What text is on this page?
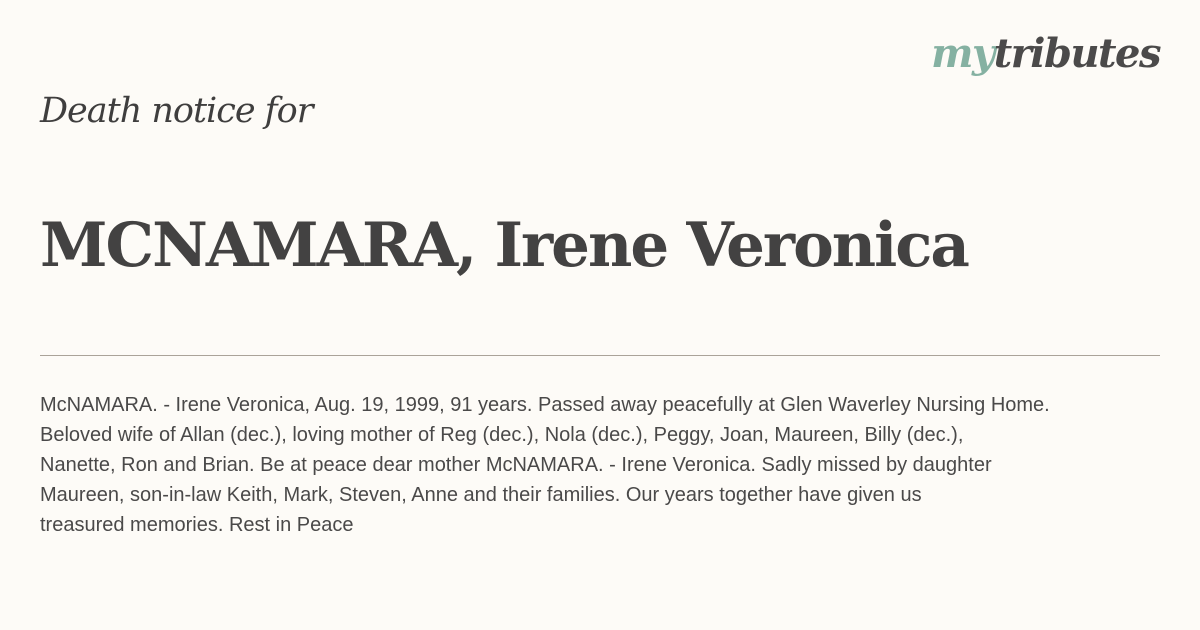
mytributes
Death notice for
MCNAMARA, Irene Veronica

McNAMARA. - Irene Veronica, Aug. 19, 1999, 91 years. Passed away peacefully at Glen Waverley Nursing Home.
Beloved wife of Allan (dec.), loving mother of Reg (dec.), Nola (dec.), Peggy, Joan, Maureen, Billy (dec.),
Nanette, Ron and Brian. Be at peace dear mother McNAMARA. - Irene Veronica. Sadly missed by daughter
Maureen, son-in-law Keith, Mark, Steven, Anne and their families. Our years together have given us
treasured memories. Rest in Peace
